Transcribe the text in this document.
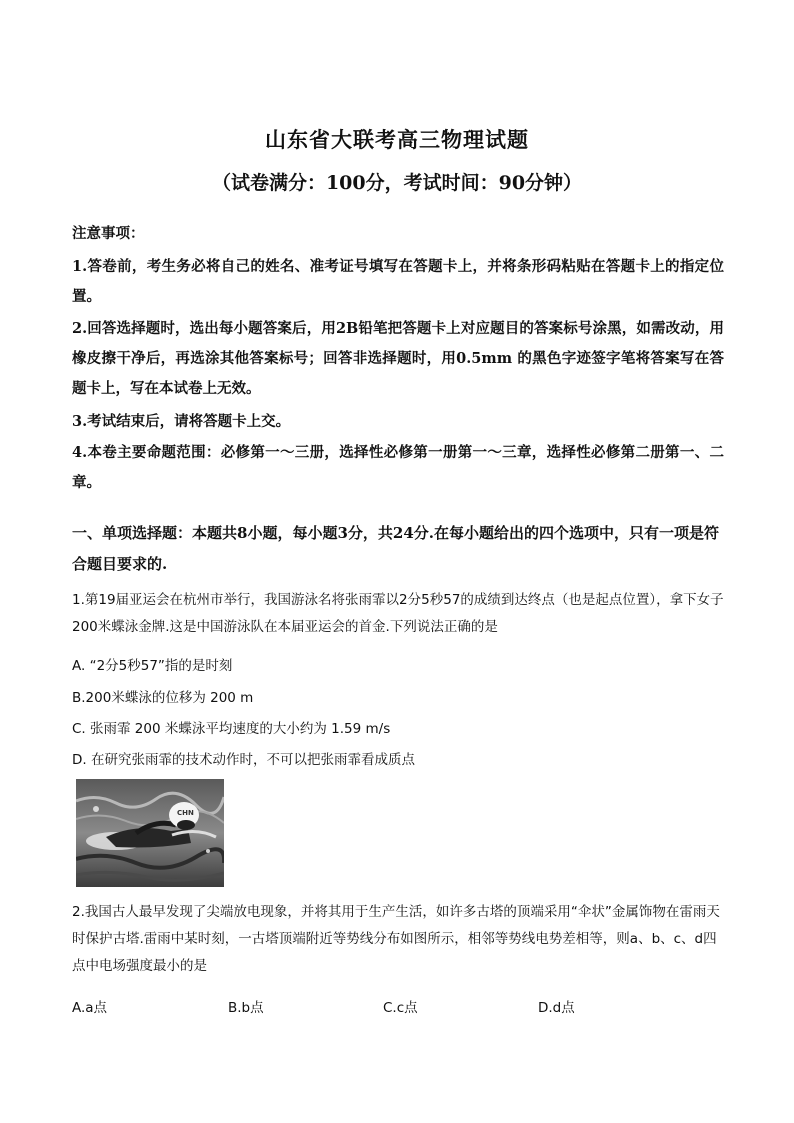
山东省大联考高三物理试题
（试卷满分：100分，考试时间：90分钟）
注意事项：
1.答卷前，考生务必将自己的姓名、准考证号填写在答题卡上，并将条形码粘贴在答题卡上的指定位置。
2.回答选择题时，选出每小题答案后，用2B铅笔把答题卡上对应题目的答案标号涂黑，如需改动，用橡皮擦干净后，再选涂其他答案标号；回答非选择题时，用0.5mm 的黑色字迹签字笔将答案写在答题卡上，写在本试卷上无效。
3.考试结束后，请将答题卡上交。
4.本卷主要命题范围：必修第一～三册，选择性必修第一册第一～三章，选择性必修第二册第一、二章。
一、单项选择题：本题共8小题，每小题3分，共24分.在每小题给出的四个选项中，只有一项是符合题目要求的.
1.第19届亚运会在杭州市举行，我国游泳名将张雨霏以2分5秒57的成绩到达终点（也是起点位置），拿下女子200米蝶泳金牌.这是中国游泳队在本届亚运会的首金.下列说法正确的是
A. “2分5秒57”指的是时刻
B.200米蝶泳的位移为 200 m
C. 张雨霏 200 米蝶泳平均速度的大小约为 1.59 m/s
D. 在研究张雨霏的技术动作时，不可以把张雨霏看成质点
CHN
2.我国古人最早发现了尖端放电现象，并将其用于生产生活，如许多古塔的顶端采用“伞状”金属饰物在雷雨天时保护古塔.雷雨中某时刻，一古塔顶端附近等势线分布如图所示，相邻等势线电势差相等，则a、b、c、d四点中电场强度最小的是
A.a点	B.b点	C.c点	D.d点
